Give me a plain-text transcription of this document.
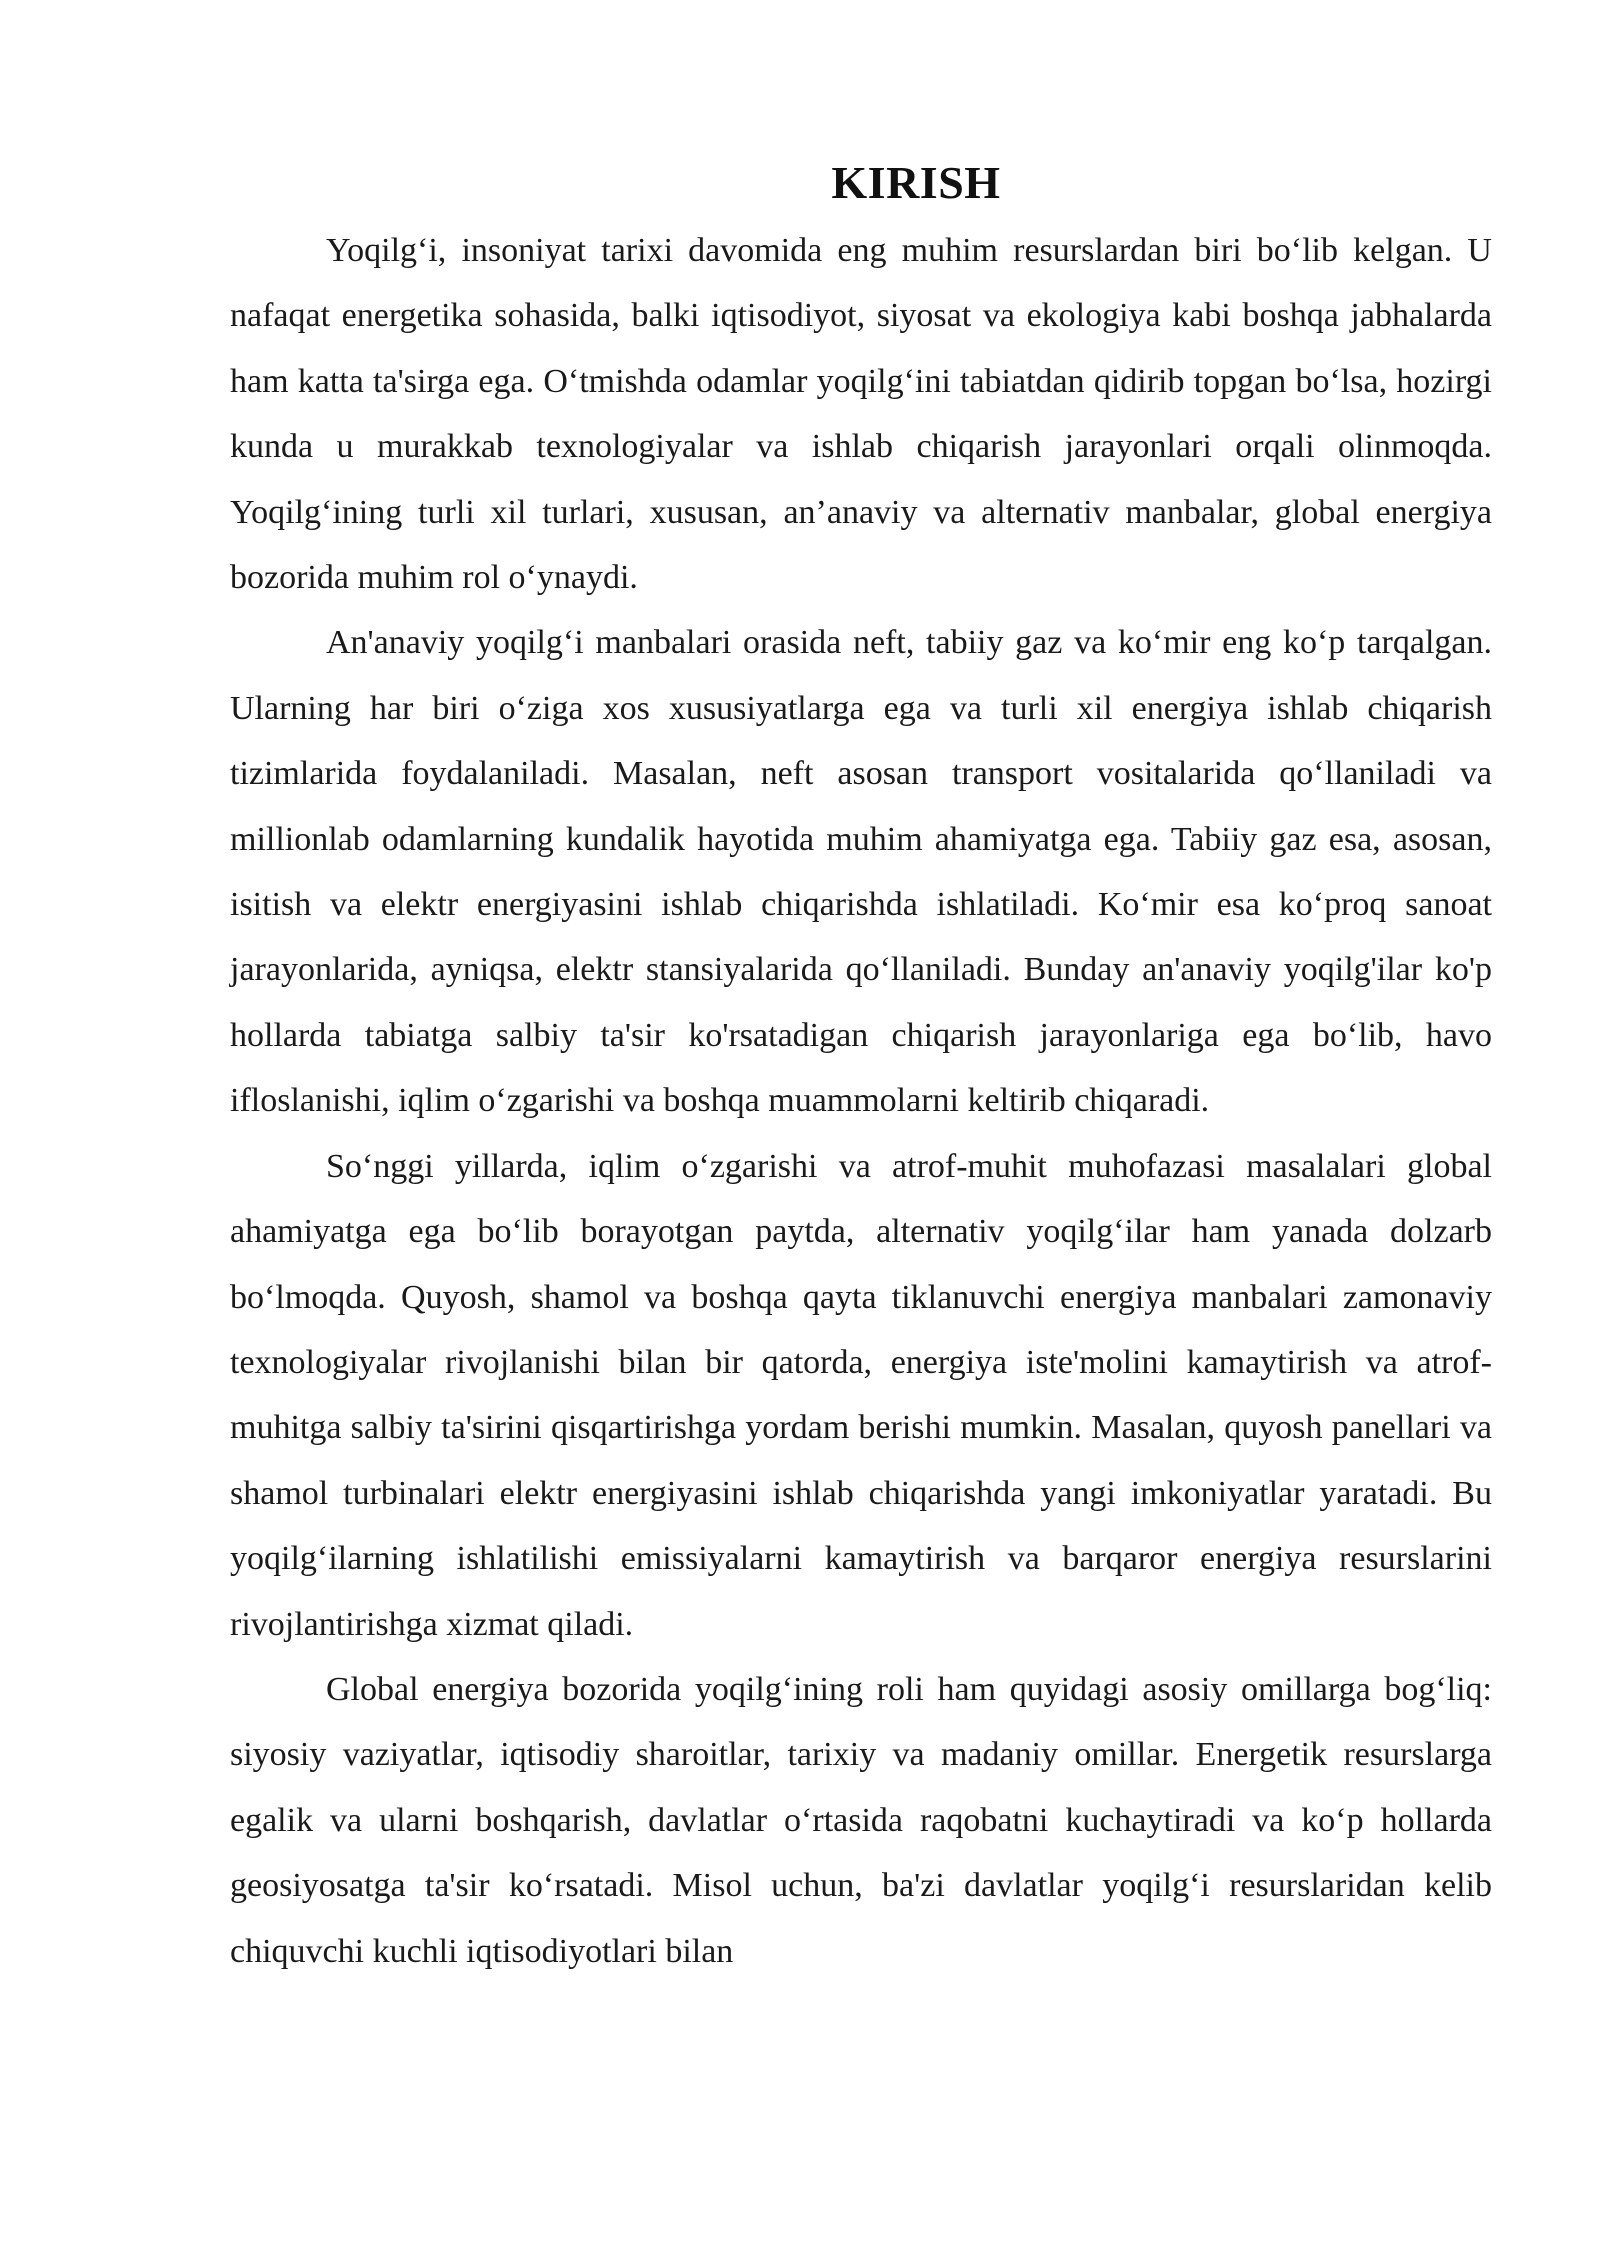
KIRISH

Yoqilg‘i, insoniyat tarixi davomida eng muhim resurslardan biri bo‘lib kelgan. U nafaqat energetika sohasida, balki iqtisodiyot, siyosat va ekologiya kabi boshqa jabhalarda ham katta ta'sirga ega. O‘tmishda odamlar yoqilg‘ini tabiatdan qidirib topgan bo‘lsa, hozirgi kunda u murakkab texnologiyalar va ishlab chiqarish jarayonlari orqali olinmoqda. Yoqilg‘ining turli xil turlari, xususan, an’anaviy va alternativ manbalar, global energiya bozorida muhim rol o‘ynaydi.

An'anaviy yoqilg‘i manbalari orasida neft, tabiiy gaz va ko‘mir eng ko‘p tarqalgan. Ularning har biri o‘ziga xos xususiyatlarga ega va turli xil energiya ishlab chiqarish tizimlarida foydalaniladi. Masalan, neft asosan transport vositalarida qo‘llaniladi va millionlab odamlarning kundalik hayotida muhim ahamiyatga ega. Tabiiy gaz esa, asosan, isitish va elektr energiyasini ishlab chiqarishda ishlatiladi. Ko‘mir esa ko‘proq sanoat jarayonlarida, ayniqsa, elektr stansiyalarida qo‘llaniladi. Bunday an'anaviy yoqilg'ilar ko'p hollarda tabiatga salbiy ta'sir ko'rsatadigan chiqarish jarayonlariga ega bo‘lib, havo ifloslanishi, iqlim o‘zgarishi va boshqa muammolarni keltirib chiqaradi.

So‘nggi yillarda, iqlim o‘zgarishi va atrof-muhit muhofazasi masalalari global ahamiyatga ega bo‘lib borayotgan paytda, alternativ yoqilg‘ilar ham yanada dolzarb bo‘lmoqda. Quyosh, shamol va boshqa qayta tiklanuvchi energiya manbalari zamonaviy texnologiyalar rivojlanishi bilan bir qatorda, energiya iste'molini kamaytirish va atrof-muhitga salbiy ta'sirini qisqartirishga yordam berishi mumkin. Masalan, quyosh panellari va shamol turbinalari elektr energiyasini ishlab chiqarishda yangi imkoniyatlar yaratadi. Bu yoqilg‘ilarning ishlatilishi emissiyalarni kamaytirish va barqaror energiya resurslarini rivojlantirishga xizmat qiladi.

Global energiya bozorida yoqilg‘ining roli ham quyidagi asosiy omillarga bog‘liq: siyosiy vaziyatlar, iqtisodiy sharoitlar, tarixiy va madaniy omillar. Energetik resurslarga egalik va ularni boshqarish, davlatlar o‘rtasida raqobatni kuchaytiradi va ko‘p hollarda geosiyosatga ta'sir ko‘rsatadi. Misol uchun, ba'zi davlatlar yoqilg‘i resurslaridan kelib chiquvchi kuchli iqtisodiyotlari bilan
